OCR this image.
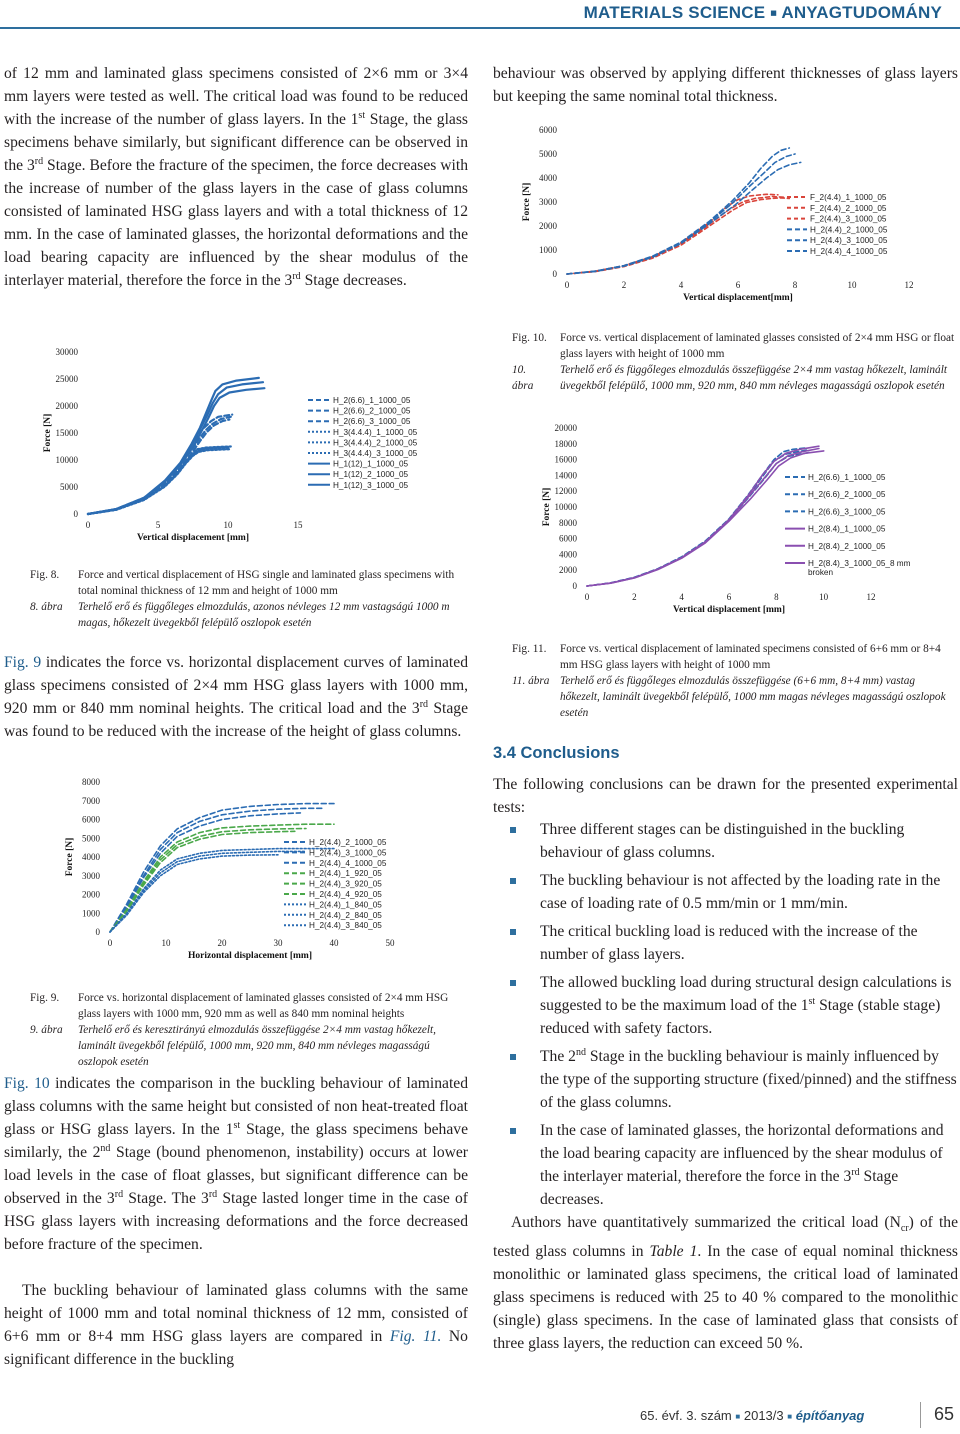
MATERIALS SCIENCE ■ ANYAGTUDOMÁNY
of 12 mm and laminated glass specimens consisted of 2×6 mm or 3×4 mm layers were tested as well. The critical load was found to be reduced with the increase of the number of glass layers. In the 1st Stage, the glass specimens behave similarly, but significant difference can be observed in the 3rd Stage. Before the fracture of the specimen, the force decreases with the increase of number of the glass layers in the case of glass columns consisted of laminated HSG glass layers and with a total thickness of 12 mm. In the case of laminated glasses, the horizontal deformations and the load bearing capacity are influenced by the shear modulus of the interlayer material, therefore the force in the 3rd Stage decreases.
0
5000
10000
15000
20000
25000
30000
0	5	10	15
Vertical displacement [mm]
Force [N]
H_2(6.6)_1_1000_05
H_2(6.6)_2_1000_05
H_2(6.6)_3_1000_05
H_3(4.4.4)_1_1000_05
H_3(4.4.4)_2_1000_05
H_3(4.4.4)_3_1000_05
H_1(12)_1_1000_05
H_1(12)_2_1000_05
H_1(12)_3_1000_05
Fig. 8.	Force and vertical displacement of HSG single and laminated glass specimens with total nominal thickness of 12 mm and height of 1000 mm
8. ábra	Terhelő erő és függőleges elmozdulás, azonos névleges 12 mm vastagságú 1000 m magas, hőkezelt üvegekből felépülő oszlopok esetén
Fig. 9 indicates the force vs. horizontal displacement curves of laminated glass specimens consisted of 2×4 mm HSG glass layers with 1000 mm, 920 mm or 840 mm nominal heights. The critical load and the 3rd Stage was found to be reduced with the increase of the height of glass columns.
0
1000
2000
3000
4000
5000
6000
7000
8000
0	10	20	30	40	50
Horizontal displacement [mm]
Force [N]	H_2(4.4)_2_1000_05
H_2(4.4)_3_1000_05
H_2(4.4)_4_1000_05
H_2(4.4)_1_920_05
H_2(4.4)_3_920_05
H_2(4.4)_4_920_05
H_2(4.4)_1_840_05
H_2(4.4)_2_840_05
H_2(4.4)_3_840_05
Fig. 9.	Force vs. horizontal displacement of laminated glasses consisted of 2×4 mm HSG glass layers with 1000 mm, 920 mm as well as 840 mm nominal heights
9. ábra	Terhelő erő és keresztirányú elmozdulás összefüggése 2×4 mm vastag hőkezelt, laminált üvegekből felépülő, 1000 mm, 920 mm, 840 mm névleges magasságú oszlopok esetén
Fig. 10 indicates the comparison in the buckling behaviour of laminated glass columns with the same height but consisted of non heat-treated float glass or HSG glass layers. In the 1st Stage, the glass specimens behave similarly, the 2nd Stage (bound phenomenon, instability) occurs at lower load levels in the case of float glasses, but significant difference can be observed in the 3rd Stage. The 3rd Stage lasted longer time in the case of HSG glass layers with increasing deformations and the force decreased before fracture of the specimen.
The buckling behaviour of laminated glass columns with the same height of 1000 mm and total nominal thickness of 12 mm, consisted of 6+6 mm or 8+4 mm HSG glass layers are compared in Fig. 11. No significant difference in the buckling
behaviour was observed by applying different thicknesses of glass layers but keeping the same nominal total thickness.
0
1000
2000
3000
4000
5000
6000
0	2	4	6	8	10	12
Vertical displacement[mm]
Force [N]	F_2(4.4)_1_1000_05
F_2(4.4)_2_1000_05
F_2(4.4)_3_1000_05
H_2(4.4)_2_1000_05
H_2(4.4)_3_1000_05
H_2(4.4)_4_1000_05
Fig. 10. Force vs. vertical displacement of laminated glasses consisted of 2×4 mm HSG or float glass layers with height of 1000 mm
10. ábra
Terhelő erő és függőleges elmozdulás összefüggése 2×4 mm vastag hőkezelt, laminált üvegekből felépülő, 1000 mm, 920 mm, 840 mm névleges magasságú oszlopok esetén
0
2000
4000
6000
8000
10000
12000
14000
16000
18000
20000
0	2	4	6	8	10	12
Vertical displacement [mm]
Force [N]
H_2(6.6)_1_1000_05
H_2(6.6)_2_1000_05
H_2(6.6)_3_1000_05
H_2(8.4)_1_1000_05
H_2(8.4)_2_1000_05
H_2(8.4)_3_1000_05_8 mm
broken
Fig. 11.	Force vs. vertical displacement of laminated specimens consisted of 6+6 mm or 8+4 mm HSG glass layers with height of 1000 mm
11. ábra Terhelő erő és függőleges elmozdulás összefüggése (6+6 mm, 8+4 mm) vastag hőkezelt, laminált üvegekből felépülő, 1000 mm magas névleges magasságú oszlopok esetén
3.4 Conclusions
The following conclusions can be drawn for the presented experimental tests:
Three different stages can be distinguished in the buckling behaviour of glass columns.
The buckling behaviour is not affected by the loading rate in the case of loading rate of 0.5 mm/min or 1 mm/min.
The critical buckling load is reduced with the increase of the number of glass layers.
The allowed buckling load during structural design calculations is suggested to be the maximum load of the 1st Stage (stable stage) reduced with safety factors.
The 2nd Stage in the buckling behaviour is mainly influenced by the type of the supporting structure (fixed/pinned) and the stiffness of the glass columns.
In the case of laminated glasses, the horizontal deformations and the load bearing capacity are influenced by the shear modulus of the interlayer material, therefore the force in the 3rd Stage decreases.
Authors have quantitatively summarized the critical load $(N_{cr})$ of the tested glass columns in Table 1. In the case of equal nominal thickness monolithic or laminated glass specimens, the critical load of laminated glass specimens is reduced with 25 to 40 % compared to the monolithic (single) glass specimens. In the case of laminated glass that consists of three glass layers, the reduction can exceed 50 %.
65. évf. 3. szám ■ 2013/3 ■ építőanyag	65
